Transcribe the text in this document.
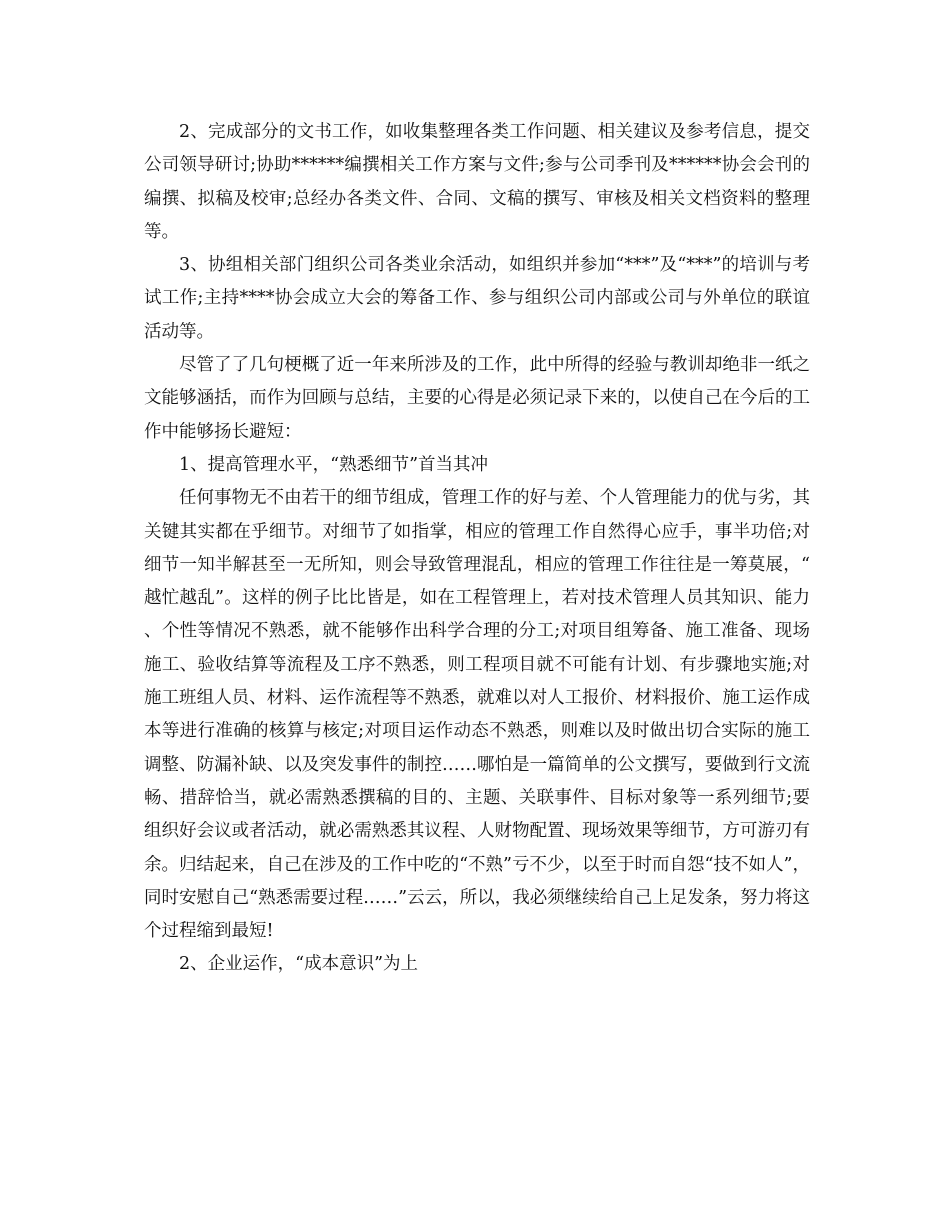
2、完成部分的文书工作，如收集整理各类工作问题、相关建议及参考信息，提交公司领导研讨;协助******编撰相关工作方案与文件;参与公司季刊及******协会会刊的编撰、拟稿及校审;总经办各类文件、合同、文稿的撰写、审核及相关文档资料的整理等。

3、协组相关部门组织公司各类业余活动，如组织并参加“***”及“***”的培训与考试工作;主持****协会成立大会的筹备工作、参与组织公司内部或公司与外单位的联谊活动等。

尽管了了几句梗概了近一年来所涉及的工作，此中所得的经验与教训却绝非一纸之文能够涵括，而作为回顾与总结，主要的心得是必须记录下来的，以使自己在今后的工作中能够扬长避短：

1、提高管理水平，“熟悉细节”首当其冲

任何事物无不由若干的细节组成，管理工作的好与差、个人管理能力的优与劣，其关键其实都在乎细节。对细节了如指掌，相应的管理工作自然得心应手，事半功倍;对细节一知半解甚至一无所知，则会导致管理混乱，相应的管理工作往往是一筹莫展，“越忙越乱”。这样的例子比比皆是，如在工程管理上，若对技术管理人员其知识、能力、个性等情况不熟悉，就不能够作出科学合理的分工;对项目组筹备、施工准备、现场施工、验收结算等流程及工序不熟悉，则工程项目就不可能有计划、有步骤地实施;对施工班组人员、材料、运作流程等不熟悉，就难以对人工报价、材料报价、施工运作成本等进行准确的核算与核定;对项目运作动态不熟悉，则难以及时做出切合实际的施工调整、防漏补缺、以及突发事件的制控……哪怕是一篇简单的公文撰写，要做到行文流畅、措辞恰当，就必需熟悉撰稿的目的、主题、关联事件、目标对象等一系列细节;要组织好会议或者活动，就必需熟悉其议程、人财物配置、现场效果等细节，方可游刃有余。归结起来，自己在涉及的工作中吃的“不熟”亏不少，以至于时而自怨“技不如人”，同时安慰自己“熟悉需要过程……”云云，所以，我必须继续给自己上足发条，努力将这个过程缩到最短!

2、企业运作，“成本意识”为上
